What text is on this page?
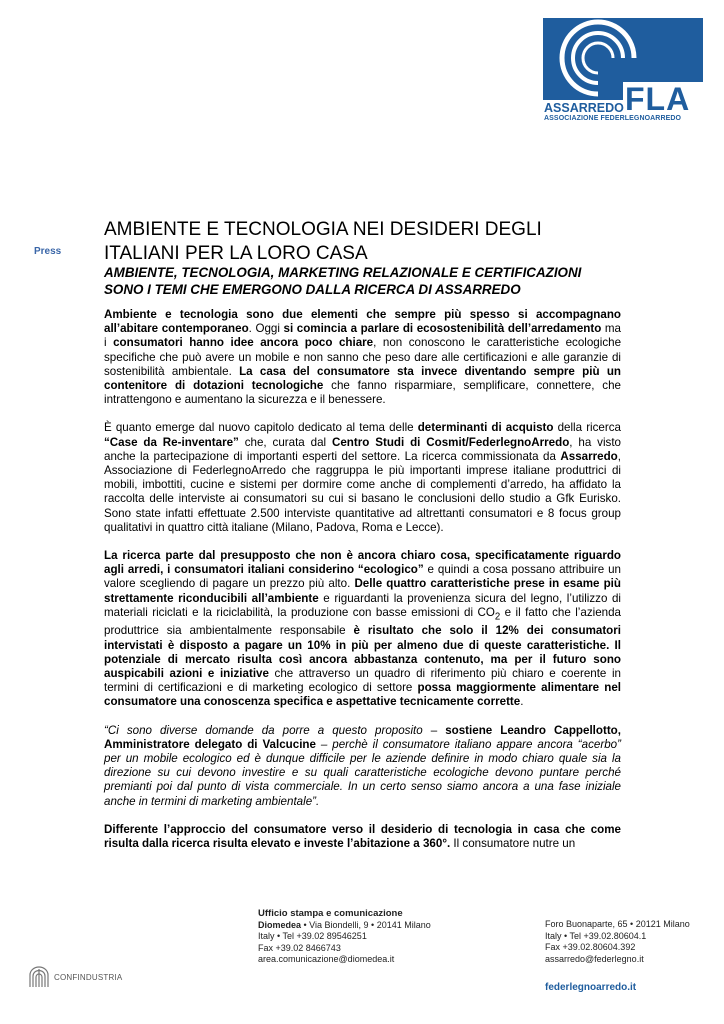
FLA
ASSARREDO
ASSOCIAZIONE FEDERLEGNOARREDO
Press
AMBIENTE E TECNOLOGIA NEI DESIDERI DEGLI
ITALIANI PER LA LORO CASA
AMBIENTE, TECNOLOGIA, MARKETING RELAZIONALE E CERTIFICAZIONI
SONO I TEMI CHE EMERGONO DALLA RICERCA DI ASSARREDO

Ambiente e tecnologia sono due elementi che sempre più spesso si accompagnano all’abitare contemporaneo. Oggi si comincia a parlare di ecosostenibilità dell’arredamento ma i consumatori hanno idee ancora poco chiare, non conoscono le caratteristiche ecologiche specifiche che può avere un mobile e non sanno che peso dare alle certificazioni e alle garanzie di sostenibilità ambientale. La casa del consumatore sta invece diventando sempre più un contenitore di dotazioni tecnologiche che fanno risparmiare, semplificare, connettere, che intrattengono e aumentano la sicurezza e il benessere.

È quanto emerge dal nuovo capitolo dedicato al tema delle determinanti di acquisto della ricerca “Case da Re-inventare” che, curata dal Centro Studi di Cosmit/FederlegnoArredo, ha visto anche la partecipazione di importanti esperti del settore. La ricerca commissionata da Assarredo, Associazione di FederlegnoArredo che raggruppa le più importanti imprese italiane produttrici di mobili, imbottiti, cucine e sistemi per dormire come anche di complementi d’arredo, ha affidato la raccolta delle interviste ai consumatori su cui si basano le conclusioni dello studio a Gfk Eurisko. Sono state infatti effettuate 2.500 interviste quantitative ad altrettanti consumatori e 8 focus group qualitativi in quattro città italiane (Milano, Padova, Roma e Lecce).

La ricerca parte dal presupposto che non è ancora chiaro cosa, specificatamente riguardo agli arredi, i consumatori italiani considerino “ecologico” e quindi a cosa possano attribuire un valore scegliendo di pagare un prezzo più alto. Delle quattro caratteristiche prese in esame più strettamente riconducibili all’ambiente e riguardanti la provenienza sicura del legno, l’utilizzo di materiali riciclati e la riciclabilità, la produzione con basse emissioni di $CO_2$ e il fatto che l’azienda produttrice sia ambientalmente responsabile è risultato che solo il 12% dei consumatori intervistati è disposto a pagare un 10% in più per almeno due di queste caratteristiche. Il potenziale di mercato risulta così ancora abbastanza contenuto, ma per il futuro sono auspicabili azioni e iniziative che attraverso un quadro di riferimento più chiaro e coerente in termini di certificazioni e di marketing ecologico di settore possa maggiormente alimentare nel consumatore una conoscenza specifica e aspettative tecnicamente corrette.

“Ci sono diverse domande da porre a questo proposito – sostiene Leandro Cappellotto, Amministratore delegato di Valcucine – perchè il consumatore italiano appare ancora “acerbo” per un mobile ecologico ed è dunque difficile per le aziende definire in modo chiaro quale sia la direzione su cui devono investire e su quali caratteristiche ecologiche devono puntare perché premianti poi dal punto di vista commerciale. In un certo senso siamo ancora a una fase iniziale anche in termini di marketing ambientale”.

Differente l’approccio del consumatore verso il desiderio di tecnologia in casa che come risulta dalla ricerca risulta elevato e investe l’abitazione a 360°. Il consumatore nutre un

Ufficio stampa e comunicazione
Diomedea • Via Biondelli, 9 • 20141 Milano
Italy • Tel +39.02 89546251
Fax +39.02 8466743
area.comunicazione@diomedea.it
Foro Buonaparte, 65 • 20121 Milano
Italy • Tel +39.02.80604.1
Fax +39.02.80604.392
assarredo@federlegno.it
federlegnoarredo.it
CONFINDUSTRIA
